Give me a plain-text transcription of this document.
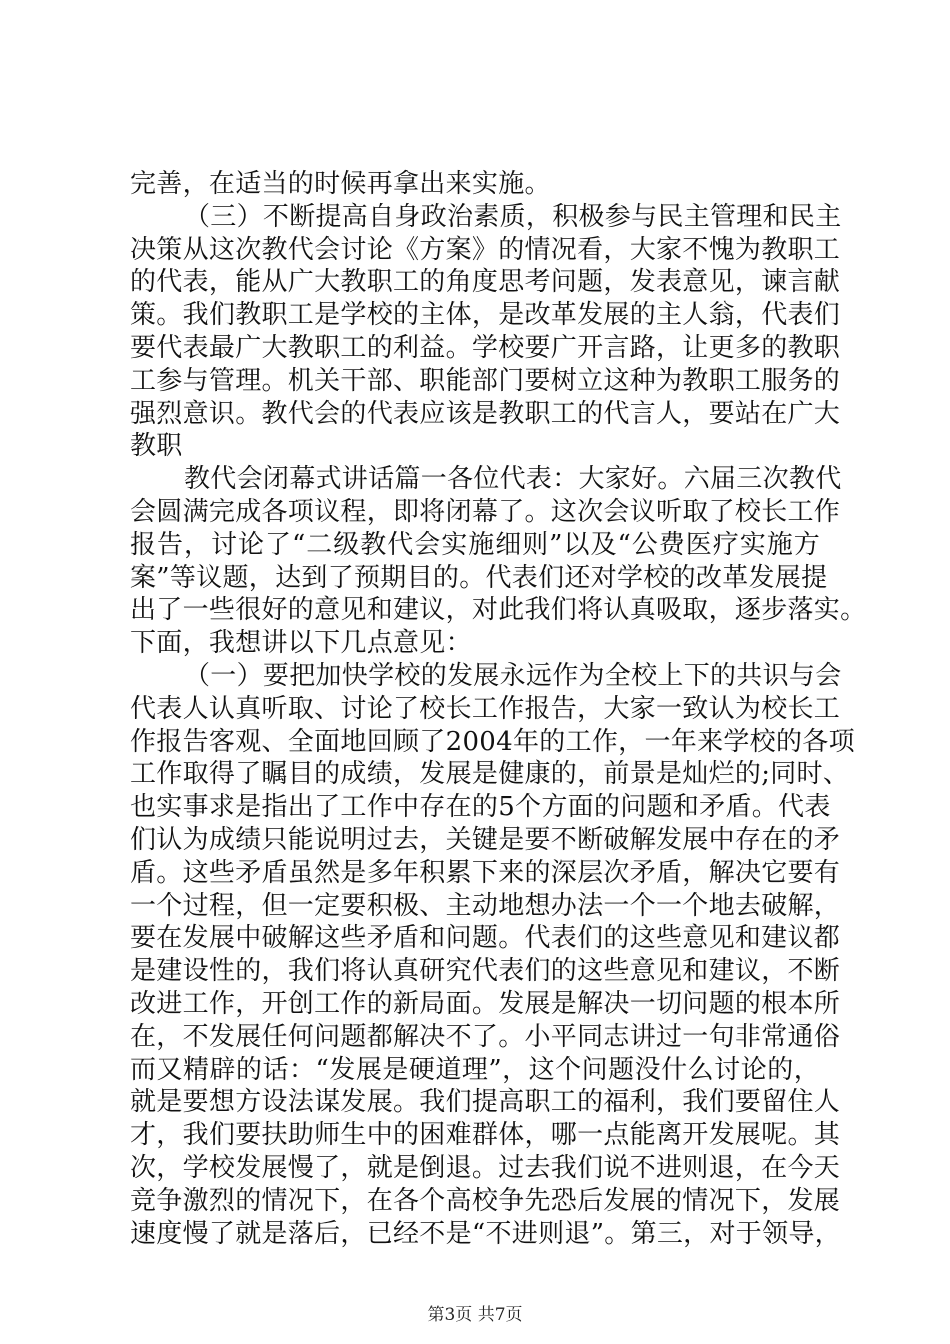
完善，在适当的时候再拿出来实施。
（三）不断提高自身政治素质，积极参与民主管理和民主
决策从这次教代会讨论《方案》的情况看，大家不愧为教职工
的代表，能从广大教职工的角度思考问题，发表意见，谏言献
策。我们教职工是学校的主体，是改革发展的主人翁，代表们
要代表最广大教职工的利益。学校要广开言路，让更多的教职
工参与管理。机关干部、职能部门要树立这种为教职工服务的
强烈意识。教代会的代表应该是教职工的代言人，要站在广大
教职
教代会闭幕式讲话篇一各位代表：大家好。六届三次教代
会圆满完成各项议程，即将闭幕了。这次会议听取了校长工作
报告，讨论了“二级教代会实施细则”以及“公费医疗实施方
案”等议题，达到了预期目的。代表们还对学校的改革发展提
出了一些很好的意见和建议，对此我们将认真吸取，逐步落实。
下面，我想讲以下几点意见：
（一）要把加快学校的发展永远作为全校上下的共识与会
代表人认真听取、讨论了校长工作报告，大家一致认为校长工
作报告客观、全面地回顾了2004年的工作，一年来学校的各项
工作取得了瞩目的成绩，发展是健康的，前景是灿烂的;同时、
也实事求是指出了工作中存在的5个方面的问题和矛盾。代表
们认为成绩只能说明过去，关键是要不断破解发展中存在的矛
盾。这些矛盾虽然是多年积累下来的深层次矛盾，解决它要有
一个过程，但一定要积极、主动地想办法一个一个地去破解，
要在发展中破解这些矛盾和问题。代表们的这些意见和建议都
是建设性的，我们将认真研究代表们的这些意见和建议，不断
改进工作，开创工作的新局面。发展是解决一切问题的根本所
在，不发展任何问题都解决不了。小平同志讲过一句非常通俗
而又精辟的话：“发展是硬道理”，这个问题没什么讨论的，
就是要想方设法谋发展。我们提高职工的福利，我们要留住人
才，我们要扶助师生中的困难群体，哪一点能离开发展呢。其
次，学校发展慢了，就是倒退。过去我们说不进则退，在今天
竞争激烈的情况下，在各个高校争先恐后发展的情况下，发展
速度慢了就是落后，已经不是“不进则退”。第三，对于领导，
第3页 共7页
